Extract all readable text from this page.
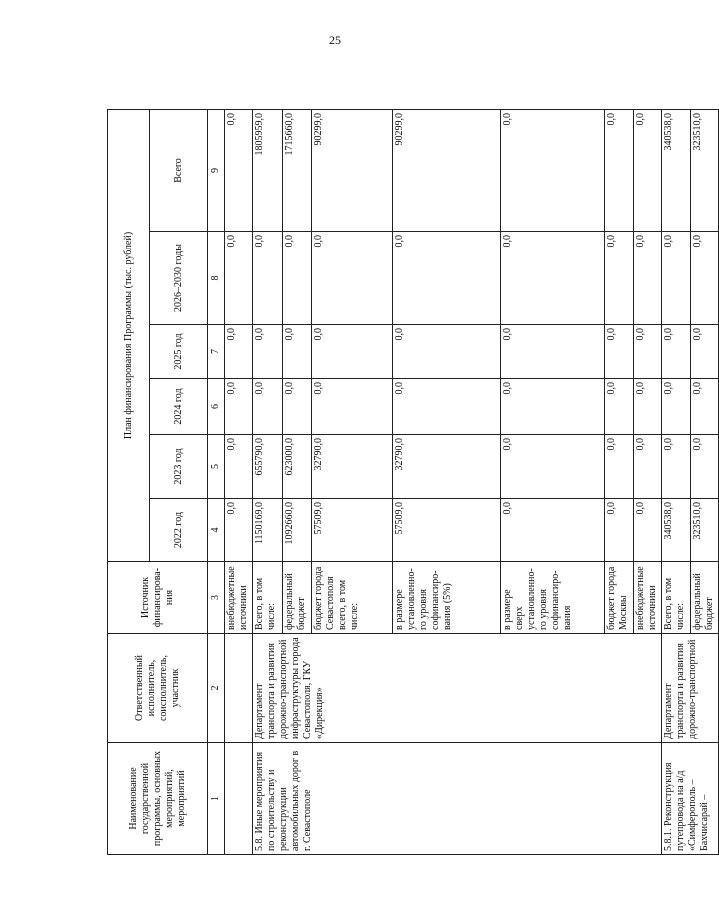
25
Наименование государственной программы, основных мероприятий, мероприятий	Ответственный исполнитель, соисполнитель, участник	Источник финансирова-ния	План финансирования Программы (тыс. рублей)					
			2022 год	2023 год	2024 год	2025 год	2026–2030 годы	Всего

1	2	3	4	5	6	7	8	9
		внебюджетные источники	0,0	0,0	0,0	0,0	0,0	0,0
5.8. Иные мероприятия по строительству и реконструкции автомобильных дорог в г. Севастополе	Департамент транспорта и развития дорожно-транспортной инфраструктуры города Севастополя, ГКУ «Дирекция»	Всего, в том числе:	1150169,0	655790,0	0,0	0,0	0,0	1805959,0
		федеральный бюджет	1092660,0	623000,0	0,0	0,0	0,0	1715660,0
		бюджет города Севастополя всего, в том числе:	57509,0	32790,0	0,0	0,0	0,0	90299,0
		в размере установленно-го уровня софинансиро-вания (5%)	57509,0	32790,0	0,0	0,0	0,0	90299,0
		в размере сверх установленно-го уровня софинансиро-вания	0,0	0,0	0,0	0,0	0,0	0,0
		бюджет города Москвы	0,0	0,0	0,0	0,0	0,0	0,0
		внебюджетные источники	0,0	0,0	0,0	0,0	0,0	0,0
5.8.1. Реконструкция путепровода на а/д «Симферополь – Бахчисарай –	Департамент транспорта и развития дорожно-транспортной	Всего, в том числе:	340538,0	0,0	0,0	0,0	0,0	340538,0
		федеральный бюджет	323510,0	0,0	0,0	0,0	0,0	323510,0
